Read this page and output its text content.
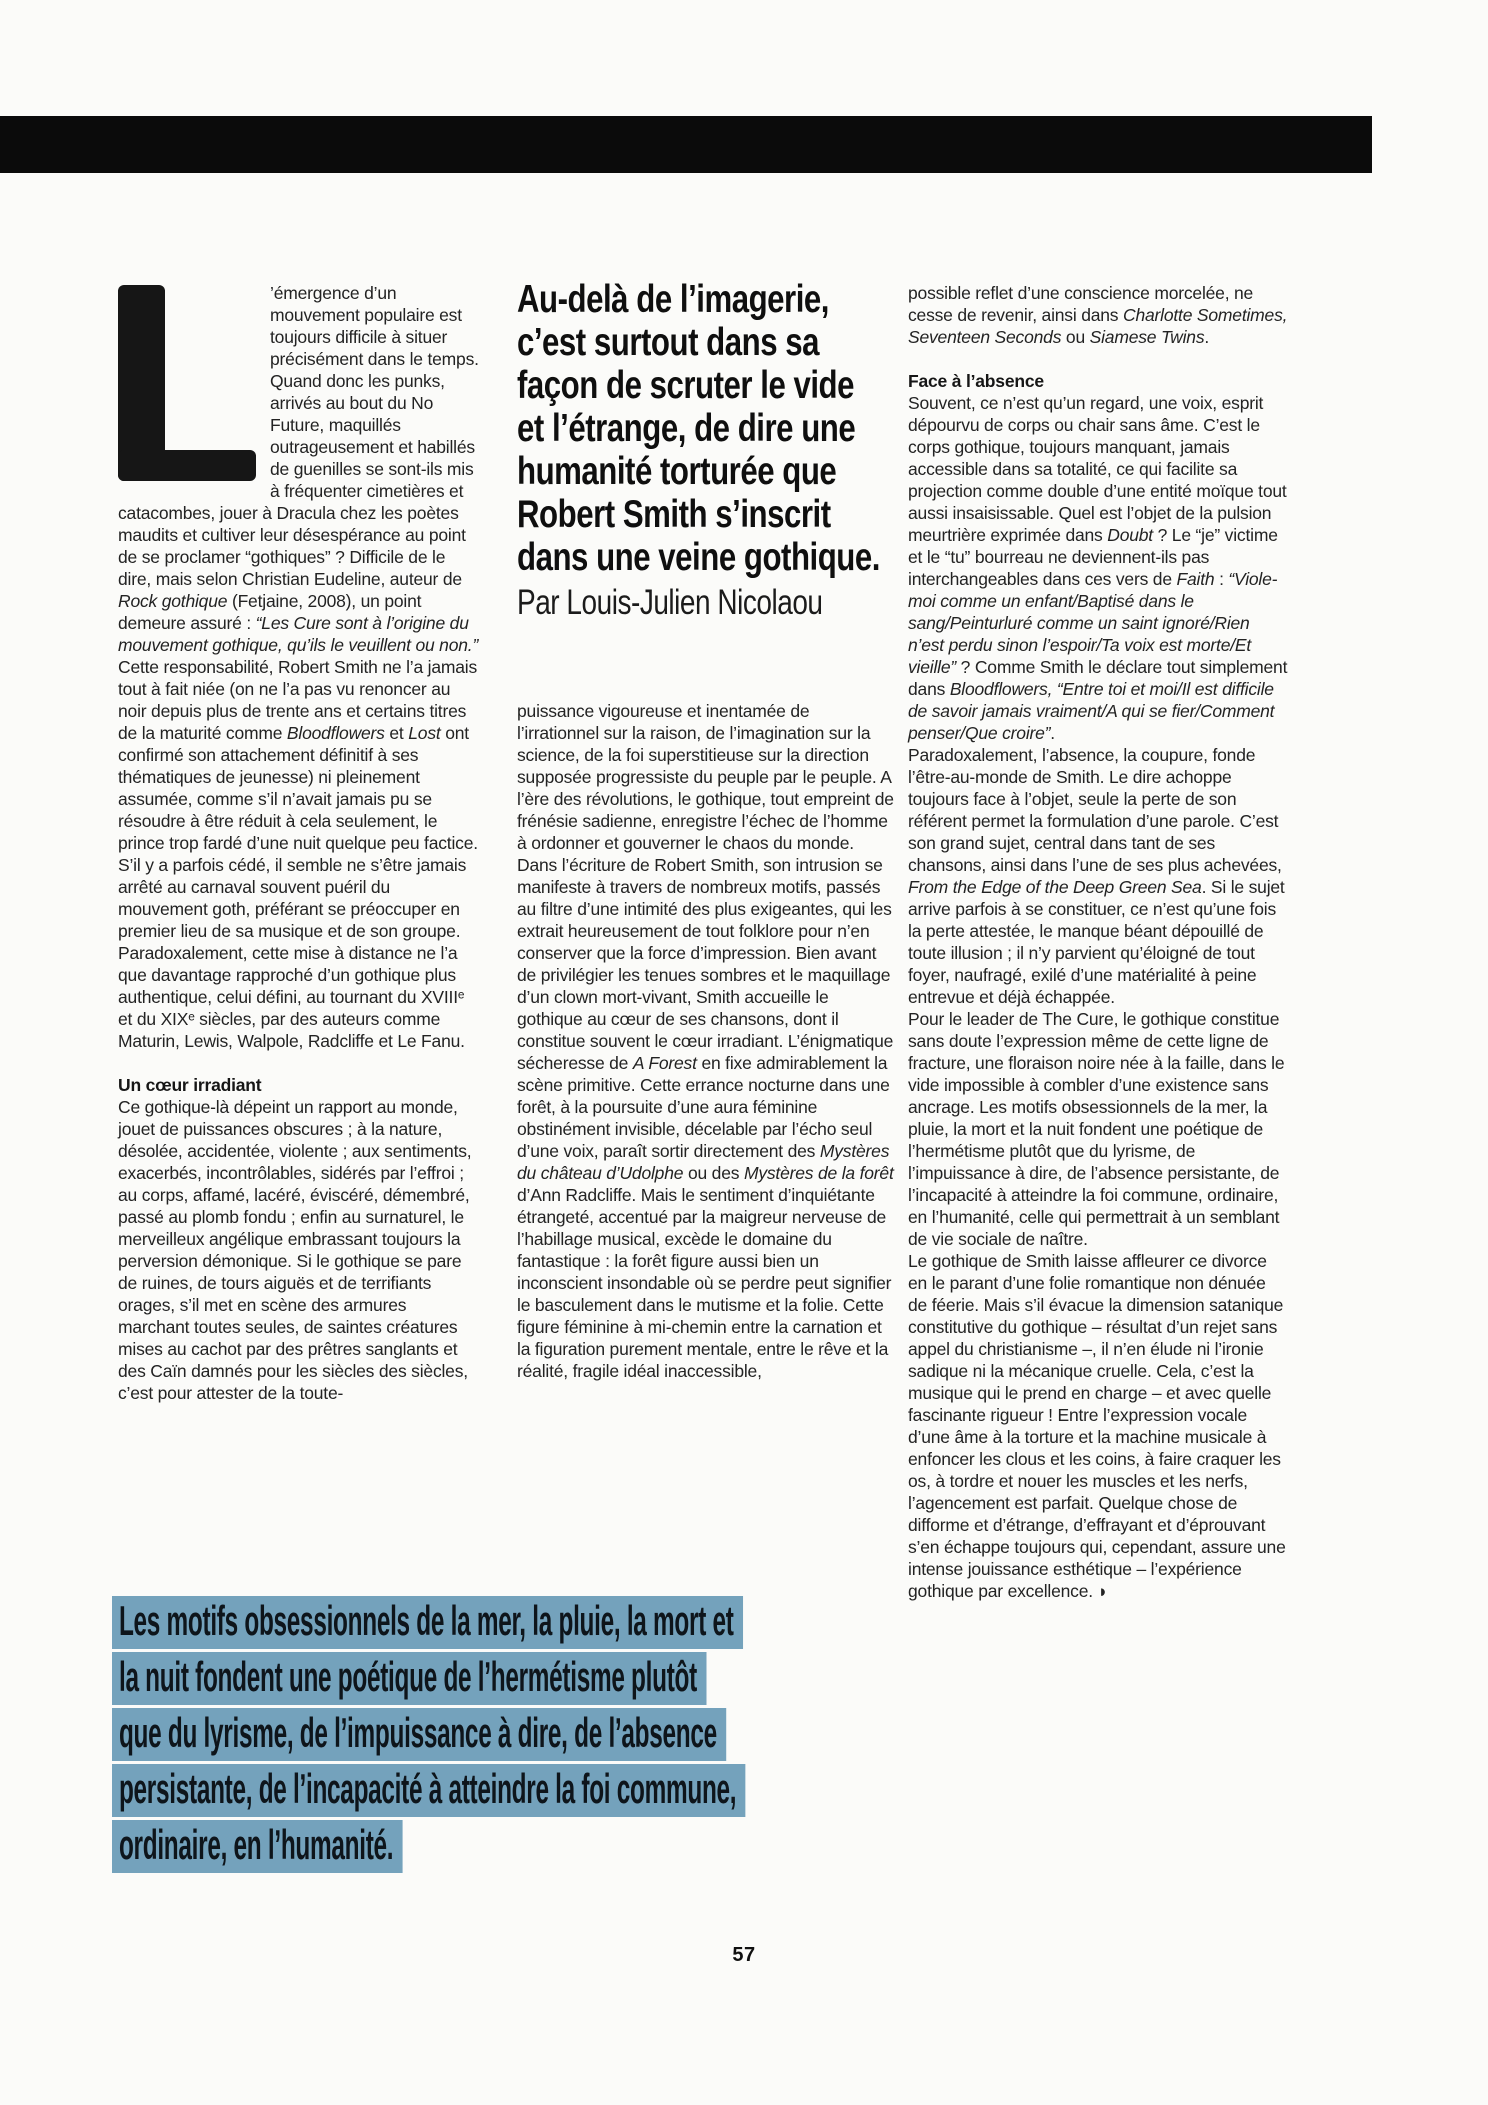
’émergence d’un mouvement populaire est toujours difficile à situer précisément dans le temps. Quand donc les punks, arrivés au bout du No Future, maquillés outrageusement et habillés de guenilles se sont-ils mis à fréquenter cimetières et catacombes, jouer à Dracula chez les poètes maudits et cultiver leur désespérance au point de se proclamer “gothiques” ? Difficile de le dire, mais selon Christian Eudeline, auteur de Rock gothique (Fetjaine, 2008), un point demeure assuré : “Les Cure sont à l’origine du mouvement gothique, qu’ils le veuillent ou non.” Cette responsabilité, Robert Smith ne l’a jamais tout à fait niée (on ne l’a pas vu renoncer au noir depuis plus de trente ans et certains titres de la maturité comme Bloodflowers et Lost ont confirmé son attachement définitif à ses thématiques de jeunesse) ni pleinement assumée, comme s’il n’avait jamais pu se résoudre à être réduit à cela seulement, le prince trop fardé d’une nuit quelque peu factice.
S’il y a parfois cédé, il semble ne s’être jamais arrêté au carnaval souvent puéril du mouvement goth, préférant se préoccuper en premier lieu de sa musique et de son groupe. Paradoxalement, cette mise à distance ne l’a que davantage rapproché d’un gothique plus authentique, celui défini, au tournant du XVIIIᵉ et du XIXᵉ siècles, par des auteurs comme Maturin, Lewis, Walpole, Radcliffe et Le Fanu.
Un cœur irradiant
Ce gothique-là dépeint un rapport au monde, jouet de puissances obscures ; à la nature, désolée, accidentée, violente ; aux sentiments, exacerbés, incontrôlables, sidérés par l’effroi ; au corps, affamé, lacéré, éviscéré, démembré, passé au plomb fondu ; enfin au surnaturel, le merveilleux angélique embrassant toujours la perversion démonique. Si le gothique se pare de ruines, de tours aiguës et de terrifiants orages, s’il met en scène des armures marchant toutes seules, de saintes créatures mises au cachot par des prêtres sanglants et des Caïn damnés pour les siècles des siècles, c’est pour attester de la toute-
Au-delà de l’imagerie,
c’est surtout dans sa
façon de scruter le vide
et l’étrange, de dire une
humanité torturée que
Robert Smith s’inscrit
dans une veine gothique.
Par Louis-Julien Nicolaou
puissance vigoureuse et inentamée de l’irrationnel sur la raison, de l’imagination sur la science, de la foi superstitieuse sur la direction supposée progressiste du peuple par le peuple. A l’ère des révolutions, le gothique, tout empreint de frénésie sadienne, enregistre l’échec de l’homme à ordonner et gouverner le chaos du monde.
Dans l’écriture de Robert Smith, son intrusion se manifeste à travers de nombreux motifs, passés au filtre d’une intimité des plus exigeantes, qui les extrait heureusement de tout folklore pour n’en conserver que la force d’impression. Bien avant de privilégier les tenues sombres et le maquillage d’un clown mort-vivant, Smith accueille le gothique au cœur de ses chansons, dont il constitue souvent le cœur irradiant. L’énigmatique sécheresse de A Forest en fixe admirablement la scène primitive. Cette errance nocturne dans une forêt, à la poursuite d’une aura féminine obstinément invisible, décelable par l’écho seul d’une voix, paraît sortir directement des Mystères du château d’Udolphe ou des Mystères de la forêt d’Ann Radcliffe. Mais le sentiment d’inquiétante étrangeté, accentué par la maigreur nerveuse de l’habillage musical, excède le domaine du fantastique : la forêt figure aussi bien un inconscient insondable où se perdre peut signifier le basculement dans le mutisme et la folie. Cette figure féminine à mi-chemin entre la carnation et la figuration purement mentale, entre le rêve et la réalité, fragile idéal inaccessible,
possible reflet d’une conscience morcelée, ne cesse de revenir, ainsi dans Charlotte Sometimes, Seventeen Seconds ou Siamese Twins.
Face à l’absence
Souvent, ce n’est qu’un regard, une voix, esprit dépourvu de corps ou chair sans âme. C’est le corps gothique, toujours manquant, jamais accessible dans sa totalité, ce qui facilite sa projection comme double d’une entité moïque tout aussi insaisissable. Quel est l’objet de la pulsion meurtrière exprimée dans Doubt ? Le “je” victime et le “tu” bourreau ne deviennent-ils pas interchangeables dans ces vers de Faith : “Viole-moi comme un enfant/Baptisé dans le sang/Peinturluré comme un saint ignoré/Rien n’est perdu sinon l’espoir/Ta voix est morte/Et vieille” ? Comme Smith le déclare tout simplement dans Bloodflowers, “Entre toi et moi/Il est difficile de savoir jamais vraiment/A qui se fier/Comment penser/Que croire”.
Paradoxalement, l’absence, la coupure, fonde l’être-au-monde de Smith. Le dire achoppe toujours face à l’objet, seule la perte de son référent permet la formulation d’une parole. C’est son grand sujet, central dans tant de ses chansons, ainsi dans l’une de ses plus achevées, From the Edge of the Deep Green Sea. Si le sujet arrive parfois à se constituer, ce n’est qu’une fois la perte attestée, le manque béant dépouillé de toute illusion ; il n’y parvient qu’éloigné de tout foyer, naufragé, exilé d’une matérialité à peine entrevue et déjà échappée.
Pour le leader de The Cure, le gothique constitue sans doute l’expression même de cette ligne de fracture, une floraison noire née à la faille, dans le vide impossible à combler d’une existence sans ancrage. Les motifs obsessionnels de la mer, la pluie, la mort et la nuit fondent une poétique de l’hermétisme plutôt que du lyrisme, de l’impuissance à dire, de l’absence persistante, de l’incapacité à atteindre la foi commune, ordinaire, en l’humanité, celle qui permettrait à un semblant de vie sociale de naître.
Le gothique de Smith laisse affleurer ce divorce en le parant d’une folie romantique non dénuée de féerie. Mais s’il évacue la dimension satanique constitutive du gothique – résultat d’un rejet sans appel du christianisme –, il n’en élude ni l’ironie sadique ni la mécanique cruelle. Cela, c’est la musique qui le prend en charge – et avec quelle fascinante rigueur ! Entre l’expression vocale d’une âme à la torture et la machine musicale à enfoncer les clous et les coins, à faire craquer les os, à tordre et nouer les muscles et les nerfs, l’agencement est parfait. Quelque chose de difforme et d’étrange, d’effrayant et d’éprouvant s’en échappe toujours qui, cependant, assure une intense jouissance esthétique – l’expérience gothique par excellence. ◗
Les motifs obsessionnels de la mer, la pluie, la mort et
la nuit fondent une poétique de l’hermétisme plutôt
que du lyrisme, de l’impuissance à dire, de l’absence
persistante, de l’incapacité à atteindre la foi commune,
ordinaire, en l’humanité.
57
